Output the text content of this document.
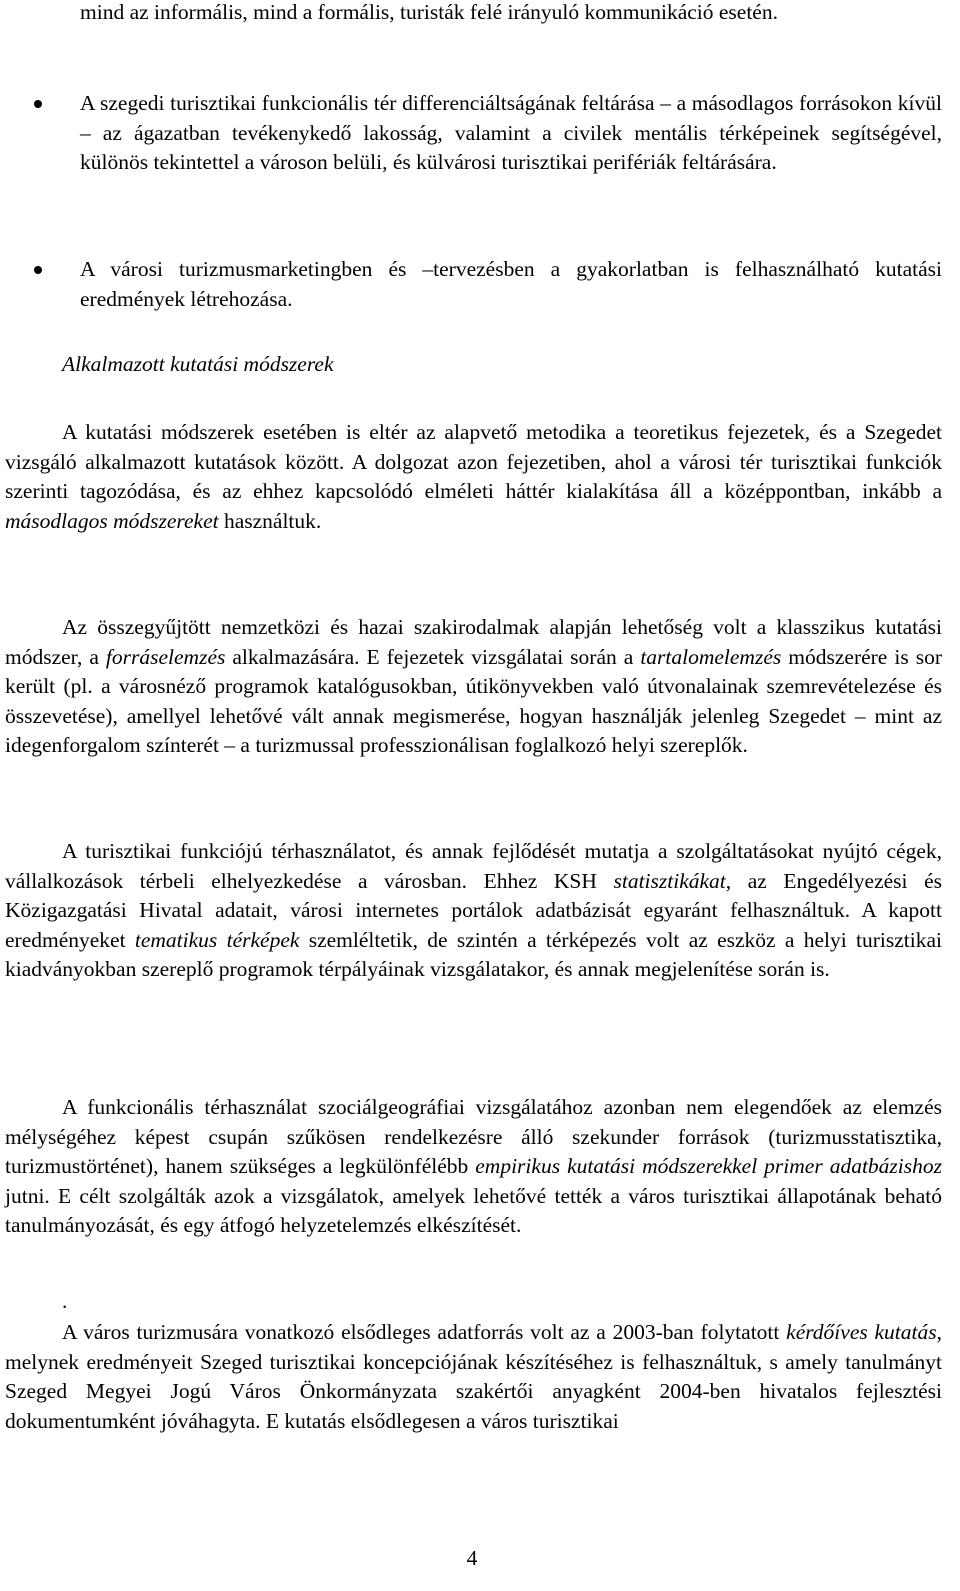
mind az informális, mind a formális, turisták felé irányuló kommunikáció esetén.

A szegedi turisztikai funkcionális tér differenciáltságának feltárása – a másodlagos forrásokon kívül – az ágazatban tevékenykedő lakosság, valamint a civilek mentális térképeinek segítségével, különös tekintettel a városon belüli, és külvárosi turisztikai perifériák feltárására.
A városi turizmusmarketingben és –tervezésben a gyakorlatban is felhasználható kutatási eredmények létrehozása.

Alkalmazott kutatási módszerek

A kutatási módszerek esetében is eltér az alapvető metodika a teoretikus fejezetek, és a Szegedet vizsgáló alkalmazott kutatások között. A dolgozat azon fejezetiben, ahol a városi tér turisztikai funkciók szerinti tagozódása, és az ehhez kapcsolódó elméleti háttér kialakítása áll a középpontban, inkább a másodlagos módszereket használtuk.

Az összegyűjtött nemzetközi és hazai szakirodalmak alapján lehetőség volt a klasszikus kutatási módszer, a forráselemzés alkalmazására. E fejezetek vizsgálatai során a tartalomelemzés módszerére is sor került (pl. a városnéző programok katalógusokban, útikönyvekben való útvonalainak szemrevételezése és összevetése), amellyel lehetővé vált annak megismerése, hogyan használják jelenleg Szegedet – mint az idegenforgalom színterét – a turizmussal professzionálisan foglalkozó helyi szereplők.

A turisztikai funkciójú térhasználatot, és annak fejlődését mutatja a szolgáltatásokat nyújtó cégek, vállalkozások térbeli elhelyezkedése a városban. Ehhez KSH statisztikákat, az Engedélyezési és Közigazgatási Hivatal adatait, városi internetes portálok adatbázisát egyaránt felhasználtuk. A kapott eredményeket tematikus térképek szemléltetik, de szintén a térképezés volt az eszköz a helyi turisztikai kiadványokban szereplő programok térpályáinak vizsgálatakor, és annak megjelenítése során is.

A funkcionális térhasználat szociálgeográfiai vizsgálatához azonban nem elegendőek az elemzés mélységéhez képest csupán szűkösen rendelkezésre álló szekunder források (turizmusstatisztika, turizmustörténet), hanem szükséges a legkülönfélébb empirikus kutatási módszerekkel primer adatbázishoz jutni. E célt szolgálták azok a vizsgálatok, amelyek lehetővé tették a város turisztikai állapotának beható tanulmányozását, és egy átfogó helyzetelemzés elkészítését.

.

A város turizmusára vonatkozó elsődleges adatforrás volt az a 2003-ban folytatott kérdőíves kutatás, melynek eredményeit Szeged turisztikai koncepciójának készítéséhez is felhasználtuk, s amely tanulmányt Szeged Megyei Jogú Város Önkormányzata szakértői anyagként 2004-ben hivatalos fejlesztési dokumentumként jóváhagyta. E kutatás elsődlegesen a város turisztikai

4
